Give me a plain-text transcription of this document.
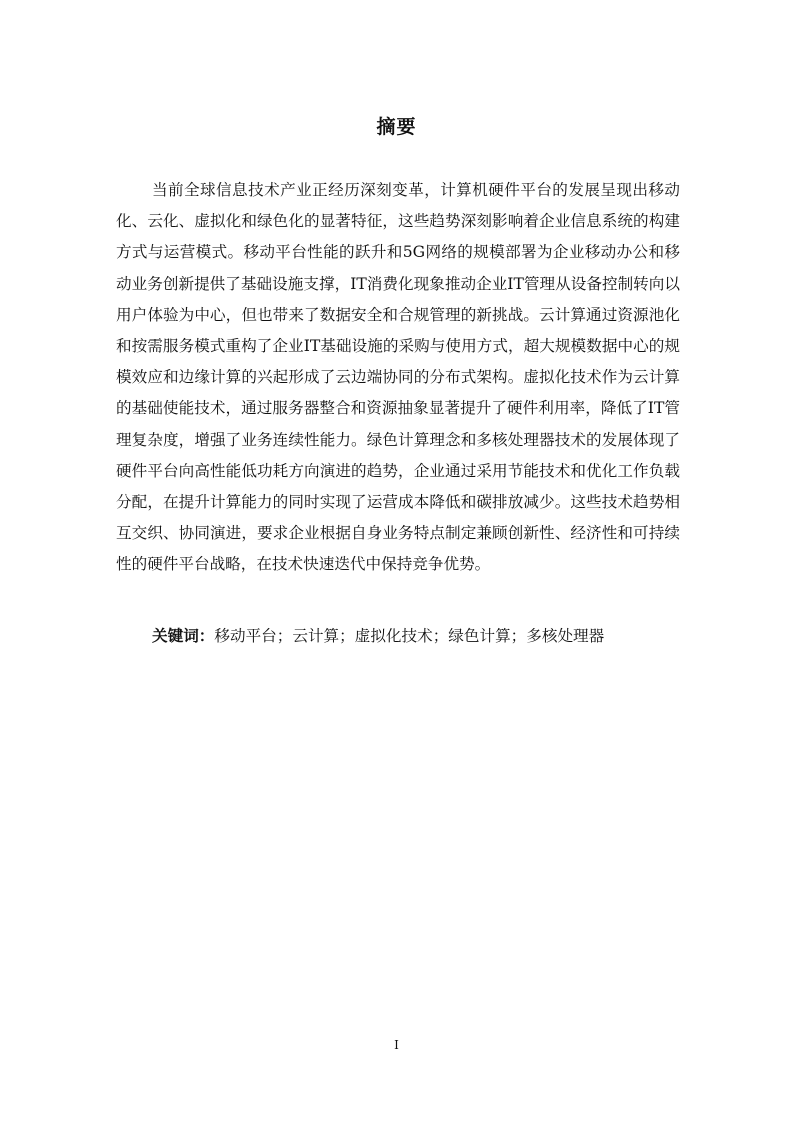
摘要

当前全球信息技术产业正经历深刻变革，计算机硬件平台的发展呈现出移动化、云化、虚拟化和绿色化的显著特征，这些趋势深刻影响着企业信息系统的构建方式与运营模式。移动平台性能的跃升和5G网络的规模部署为企业移动办公和移动业务创新提供了基础设施支撑，IT消费化现象推动企业IT管理从设备控制转向以用户体验为中心，但也带来了数据安全和合规管理的新挑战。云计算通过资源池化和按需服务模式重构了企业IT基础设施的采购与使用方式，超大规模数据中心的规模效应和边缘计算的兴起形成了云边端协同的分布式架构。虚拟化技术作为云计算的基础使能技术，通过服务器整合和资源抽象显著提升了硬件利用率，降低了IT管理复杂度，增强了业务连续性能力。绿色计算理念和多核处理器技术的发展体现了硬件平台向高性能低功耗方向演进的趋势，企业通过采用节能技术和优化工作负载分配，在提升计算能力的同时实现了运营成本降低和碳排放减少。这些技术趋势相互交织、协同演进，要求企业根据自身业务特点制定兼顾创新性、经济性和可持续性的硬件平台战略，在技术快速迭代中保持竞争优势。

关键词：移动平台；云计算；虚拟化技术；绿色计算；多核处理器

I
